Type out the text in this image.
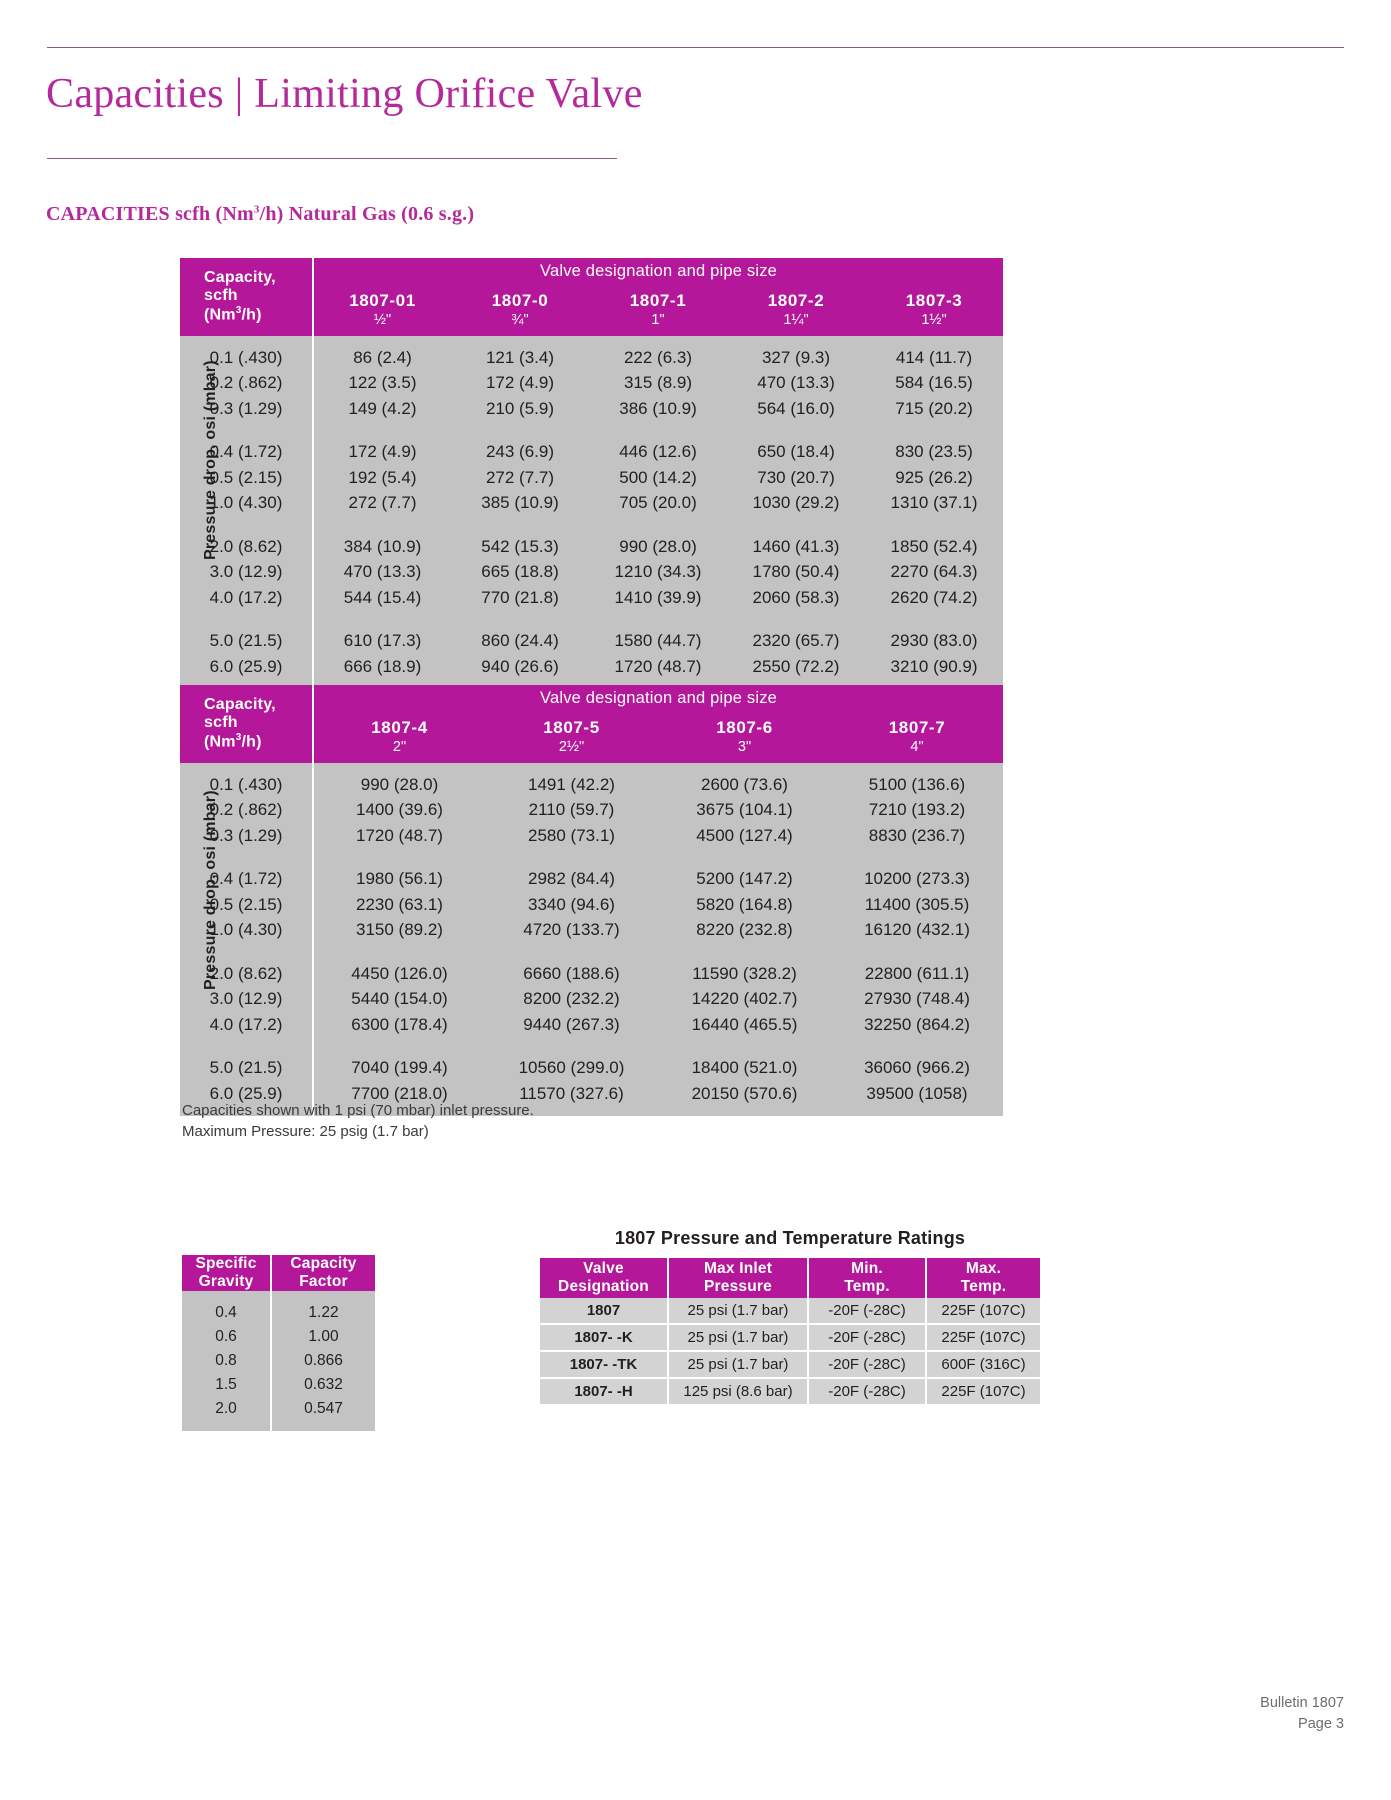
Capacities | Limiting Orifice Valve
CAPACITIES scfh (Nm$^3$/h) Natural Gas (0.6 s.g.)
Capacity,
scfh
(Nm$^3$/h)	Valve designation and pipe size				
	1807-01	1807-0	1807-1	1807-2	1807-3
	½"	¾"	1"	1¼"	1½"

0.1 (.430)	86 (2.4)	121 (3.4)	222 (6.3)	327 (9.3)	414 (11.7)
0.2 (.862)	122 (3.5)	172 (4.9)	315 (8.9)	470 (13.3)	584 (16.5)
0.3 (1.29)	149 (4.2)	210 (5.9)	386 (10.9)	564 (16.0)	715 (20.2)

0.4 (1.72)	172 (4.9)	243 (6.9)	446 (12.6)	650 (18.4)	830 (23.5)
0.5 (2.15)	192 (5.4)	272 (7.7)	500 (14.2)	730 (20.7)	925 (26.2)
1.0 (4.30)	272 (7.7)	385 (10.9)	705 (20.0)	1030 (29.2)	1310 (37.1)

2.0 (8.62)	384 (10.9)	542 (15.3)	990 (28.0)	1460 (41.3)	1850 (52.4)
3.0 (12.9)	470 (13.3)	665 (18.8)	1210 (34.3)	1780 (50.4)	2270 (64.3)
4.0 (17.2)	544 (15.4)	770 (21.8)	1410 (39.9)	2060 (58.3)	2620 (74.2)

5.0 (21.5)	610 (17.3)	860 (24.4)	1580 (44.7)	2320 (65.7)	2930 (83.0)
6.0 (25.9)	666 (18.9)	940 (26.6)	1720 (48.7)	2550 (72.2)	3210 (90.9)

Pressure drop, osi (mbar)
Capacity,
scfh
(Nm$^3$/h)	Valve designation and pipe size			
	1807-4	1807-5	1807-6	1807-7
	2"	2½"	3"	4"

0.1 (.430)	990 (28.0)	1491 (42.2)	2600 (73.6)	5100 (136.6)
0.2 (.862)	1400 (39.6)	2110 (59.7)	3675 (104.1)	7210 (193.2)
0.3 (1.29)	1720 (48.7)	2580 (73.1)	4500 (127.4)	8830 (236.7)

0.4 (1.72)	1980 (56.1)	2982 (84.4)	5200 (147.2)	10200 (273.3)
0.5 (2.15)	2230 (63.1)	3340 (94.6)	5820 (164.8)	11400 (305.5)
1.0 (4.30)	3150 (89.2)	4720 (133.7)	8220 (232.8)	16120 (432.1)

2.0 (8.62)	4450 (126.0)	6660 (188.6)	11590 (328.2)	22800 (611.1)
3.0 (12.9)	5440 (154.0)	8200 (232.2)	14220 (402.7)	27930 (748.4)
4.0 (17.2)	6300 (178.4)	9440 (267.3)	16440 (465.5)	32250 (864.2)

5.0 (21.5)	7040 (199.4)	10560 (299.0)	18400 (521.0)	36060 (966.2)
6.0 (25.9)	7700 (218.0)	11570 (327.6)	20150 (570.6)	39500 (1058)

Pressure drop, osi (mbar)
Capacities shown with 1 psi (70 mbar) inlet pressure.
Maximum Pressure: 25 psig (1.7 bar)
Specific
Gravity

Capacity
Factor

0.4	1.22
0.6	1.00
0.8	0.866
1.5	0.632
2.0	0.547

1807 Pressure and Temperature Ratings
Valve
Designation

Max Inlet
Pressure

Min.
Temp.

Max.
Temp.

1807	25 psi (1.7 bar)	-20F (-28C)	225F (107C)
1807- -K	25 psi (1.7 bar)	-20F (-28C)	225F (107C)
1807- -TK	25 psi (1.7 bar)	-20F (-28C)	600F (316C)
1807- -H	125 psi (8.6 bar)	-20F (-28C)	225F (107C)
Bulletin 1807
Page 3
